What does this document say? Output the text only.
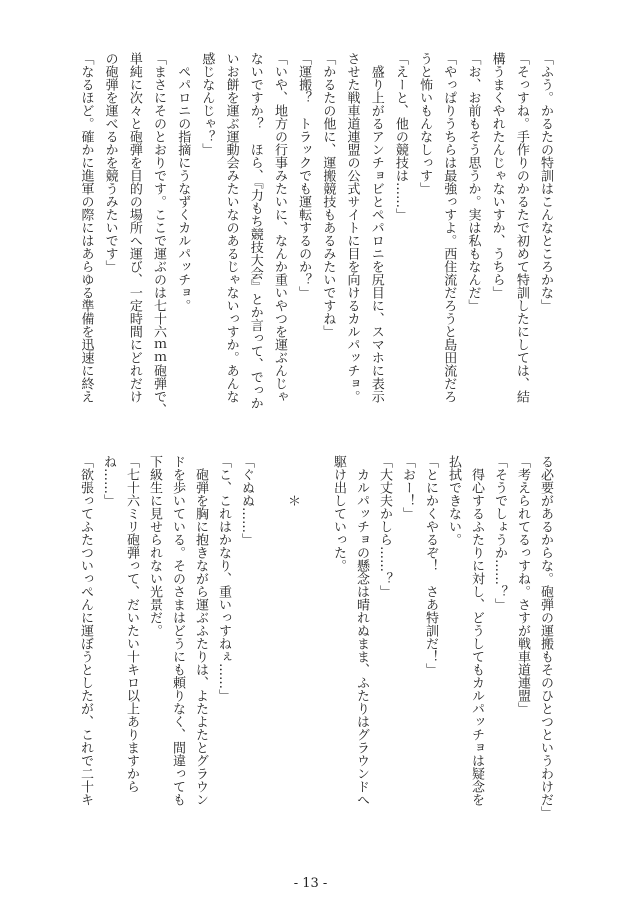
「ふう。かるたの特訓はこんなところかな」
「そっすね。手作りのかるたで初めて特訓したにしては、結
構うまくやれたんじゃないすか、うちら」
「お、お前もそう思うか。実は私もなんだ」
「やっぱりうちらは最強っすよ。西住流だろうと島田流だろ
うと怖いもんなしっす」
「えーと、他の競技は……」
　盛り上がるアンチョビとペパロニを尻目に、スマホに表示
させた戦車道連盟の公式サイトに目を向けるカルパッチョ。
「かるたの他に、運搬競技もあるみたいですね」
「運搬？　トラックでも運転するのか？」
「いや、地方の行事みたいに、なんか重いやつを運ぶんじゃ
ないですか？　ほら、『力もち競技大会』とか言って、でっか
いお餅を運ぶ運動会みたいなのあるじゃないっすか。あんな
感じなんじゃ？」
　ペパロニの指摘にうなずくカルパッチョ。
「まさにそのとおりです。ここで運ぶのは七十六ｍｍ砲弾で、
単純に次々と砲弾を目的の場所へ運び、一定時間にどれだけ
の砲弾を運べるかを競うみたいです」
「なるほど。確かに進軍の際にはあらゆる準備を迅速に終え
る必要があるからな。砲弾の運搬もそのひとつというわけだ」
「考えられてるっすね。さすが戦車道連盟」
「そうでしょうか……？」
　得心するふたりに対し、どうしてもカルパッチョは疑念を
払拭できない。
「とにかくやるぞ！　さあ特訓だ！」
「おー！」
「大丈夫かしら……？」
　カルパッチョの懸念は晴れぬまま、ふたりはグラウンドへ
駆け出していった。
　　　＊
「ぐぬぬ……」
「こ、これはかなり、重いっすねぇ……」
　砲弾を胸に抱きながら運ぶふたりは、よたよたとグラウン
ドを歩いている。そのさまはどうにも頼りなく、間違っても
下級生に見せられない光景だ。
「七十六ミリ砲弾って、だいたい十キロ以上ありますから
ね……」
「欲張ってふたついっぺんに運ぼうとしたが、これで二十キ
- 13 -
